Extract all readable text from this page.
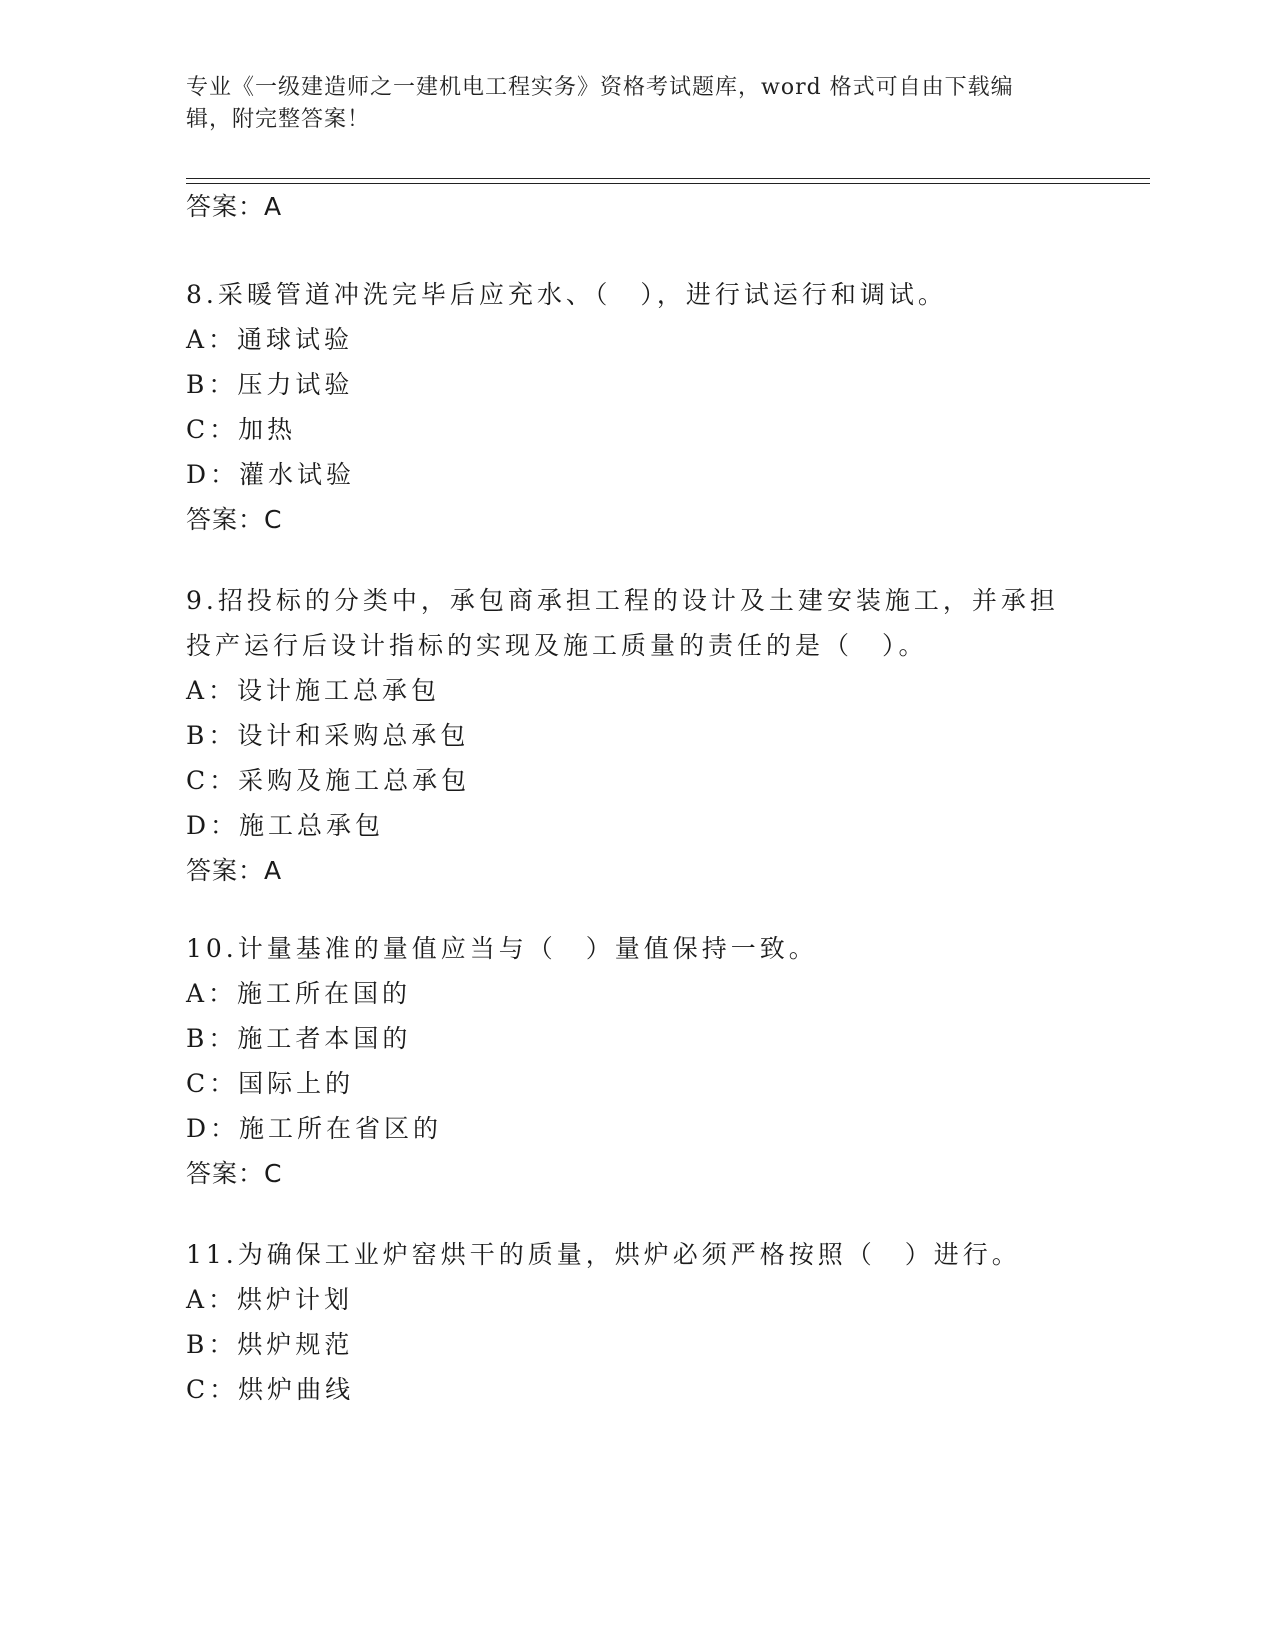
专业《一级建造师之一建机电工程实务》资格考试题库，word 格式可自由下载编
辑，附完整答案！
答案：A
8.采暖管道冲洗完毕后应充水、（　），进行试运行和调试。
A：通球试验
B：压力试验
C：加热
D：灌水试验
答案：C
9.招投标的分类中，承包商承担工程的设计及土建安装施工，并承担
投产运行后设计指标的实现及施工质量的责任的是（　）。
A：设计施工总承包
B：设计和采购总承包
C：采购及施工总承包
D：施工总承包
答案：A
10.计量基准的量值应当与（　）量值保持一致。
A：施工所在国的
B：施工者本国的
C：国际上的
D：施工所在省区的
答案：C
11.为确保工业炉窑烘干的质量，烘炉必须严格按照（　）进行。
A：烘炉计划
B：烘炉规范
C：烘炉曲线
